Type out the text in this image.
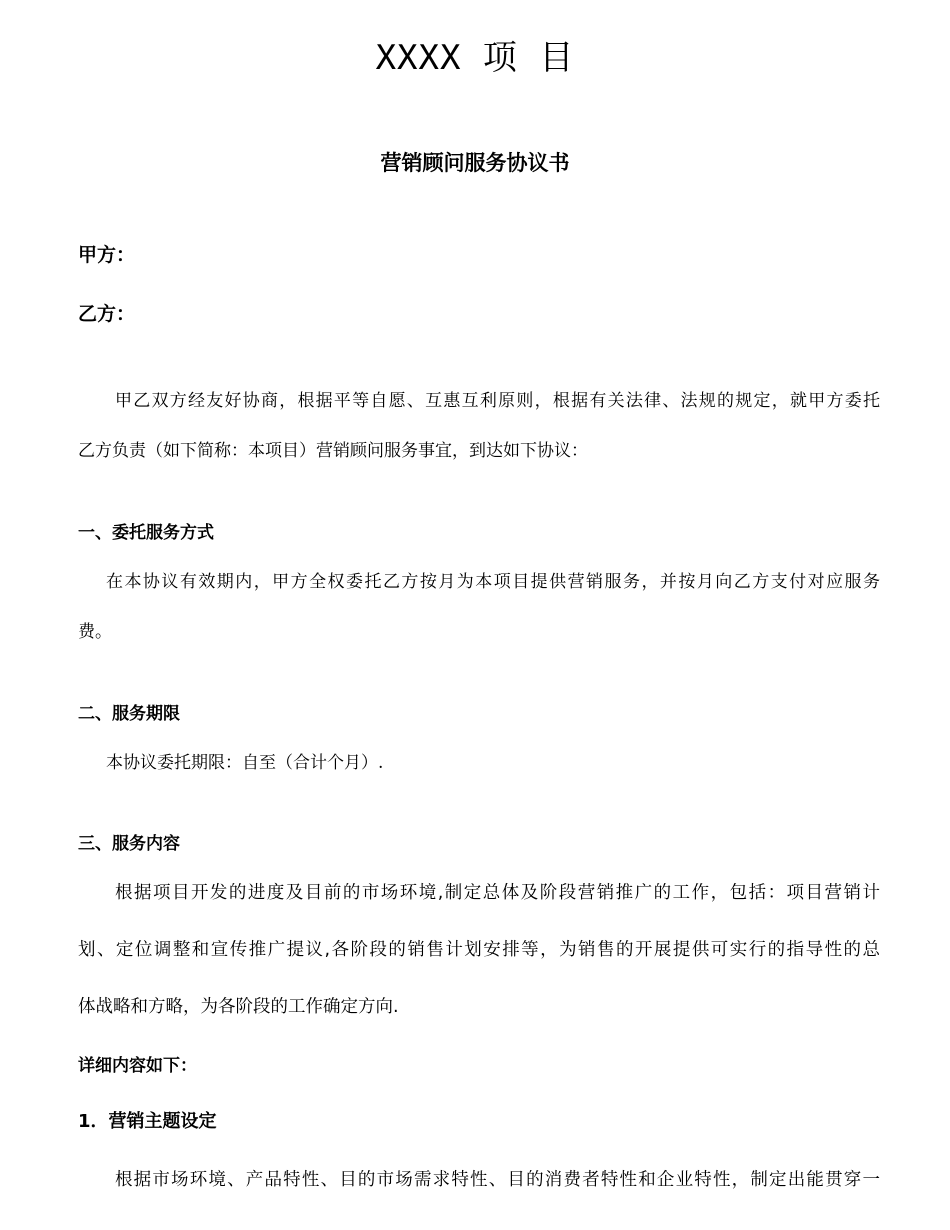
XXXX 项 目
营销顾问服务协议书
甲方：
乙方：
甲乙双方经友好协商，根据平等自愿、互惠互利原则，根据有关法律、法规的规定，就甲方委托
乙方负责（如下简称：本项目）营销顾问服务事宜，到达如下协议：
一、委托服务方式
在本协议有效期内，甲方全权委托乙方按月为本项目提供营销服务，并按月向乙方支付对应服务
费。
二、服务期限
本协议委托期限：自至（合计个月）.
三、服务内容
根据项目开发的进度及目前的市场环境,制定总体及阶段营销推广的工作，包括：项目营销计
划、定位调整和宣传推广提议,各阶段的销售计划安排等，为销售的开展提供可实行的指导性的总
体战略和方略，为各阶段的工作确定方向.
详细内容如下：
1．营销主题设定
根据市场环境、产品特性、目的市场需求特性、目的消费者特性和企业特性，制定出能贯穿一
